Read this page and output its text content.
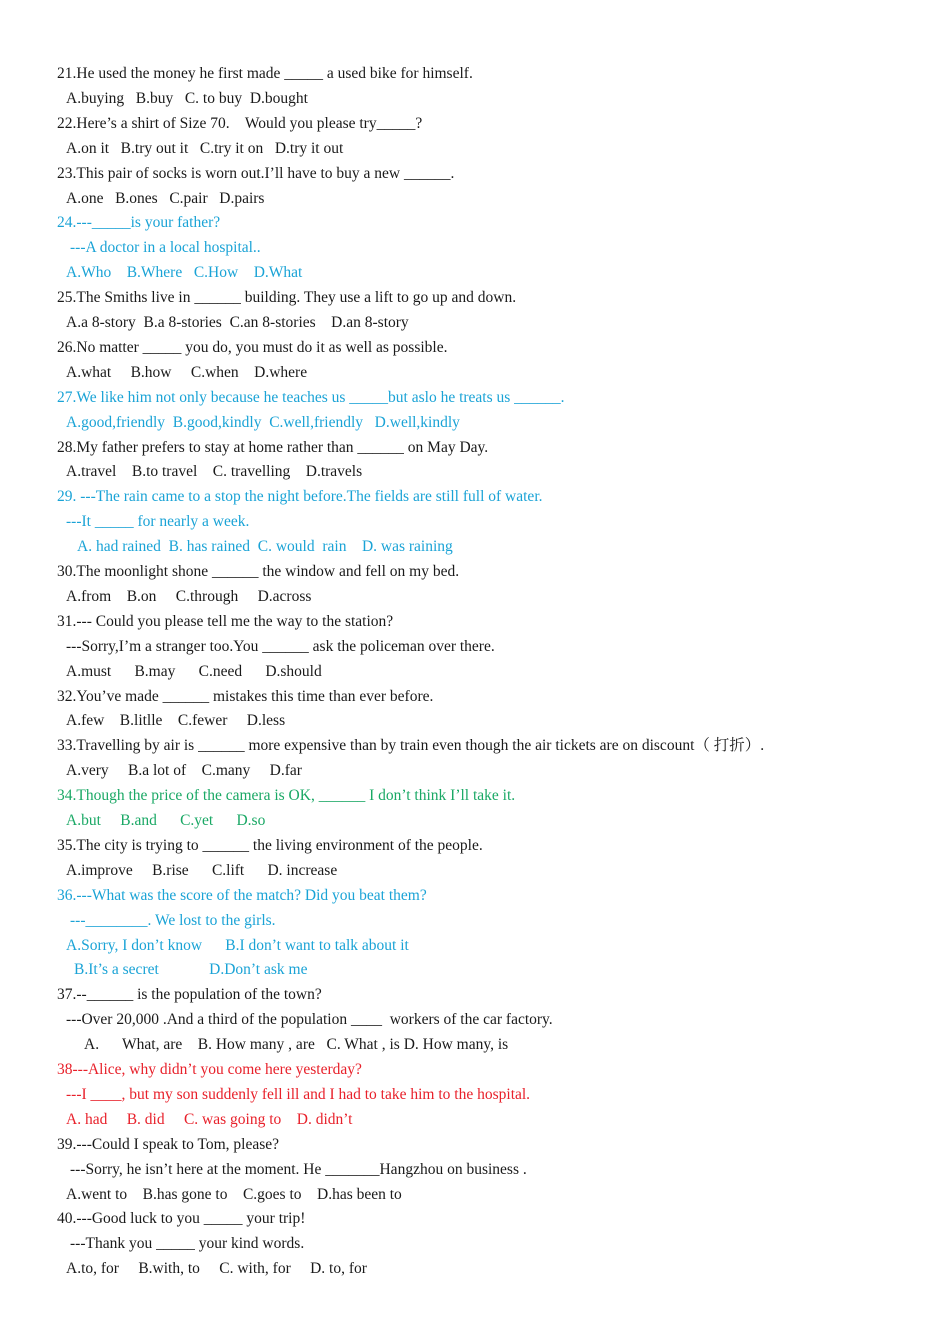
21.He used the money he first made _____ a used bike for himself.
A.buying   B.buy   C. to buy  D.bought
22.Here’s a shirt of Size 70.    Would you please try_____?
A.on it   B.try out it   C.try it on   D.try it out
23.This pair of socks is worn out.I’ll have to buy a new ______.
A.one   B.ones   C.pair   D.pairs
24.---_____is your father?
---A doctor in a local hospital..
A.Who    B.Where   C.How    D.What
25.The Smiths live in ______ building. They use a lift to go up and down.
A.a 8-story  B.a 8-stories  C.an 8-stories    D.an 8-story
26.No matter _____ you do, you must do it as well as possible.
A.what     B.how     C.when    D.where
27.We like him not only because he teaches us _____but aslo he treats us ______.
A.good,friendly  B.good,kindly  C.well,friendly   D.well,kindly
28.My father prefers to stay at home rather than ______ on May Day.
A.travel    B.to travel    C. travelling    D.travels
29. ---The rain came to a stop the night before.The fields are still full of water.
---It _____ for nearly a week.
A. had rained  B. has rained  C. would  rain    D. was raining
30.The moonlight shone ______ the window and fell on my bed.
A.from    B.on     C.through     D.across
31.--- Could you please tell me the way to the station?
---Sorry,I’m a stranger too.You ______ ask the policeman over there.
A.must      B.may      C.need      D.should
32.You’ve made ______ mistakes this time than ever before.
A.few    B.litlle    C.fewer     D.less
33.Travelling by air is ______ more expensive than by train even though the air tickets are on discount（ 打折）.
A.very     B.a lot of    C.many     D.far
34.Though the price of the camera is OK, ______ I don’t think I’ll take it.
A.but     B.and      C.yet      D.so
35.The city is trying to ______ the living environment of the people.
A.improve     B.rise      C.lift      D. increase
36.---What was the score of the match? Did you beat them?
---________. We lost to the girls.
A.Sorry, I don’t know      B.I don’t want to talk about it
B.It’s a secret             D.Don’t ask me
37.--______ is the population of the town?
---Over 20,000 .And a third of the population ____  workers of the car factory.
A.      What, are    B. How many , are   C. What , is D. How many, is
38---Alice, why didn’t you come here yesterday?
---I ____, but my son suddenly fell ill and I had to take him to the hospital.
A. had     B. did     C. was going to    D. didn’t
39.---Could I speak to Tom, please?
---Sorry, he isn’t here at the moment. He _______Hangzhou on business .
A.went to    B.has gone to    C.goes to    D.has been to
40.---Good luck to you _____ your trip!
---Thank you _____ your kind words.
A.to, for     B.with, to     C. with, for     D. to, for
